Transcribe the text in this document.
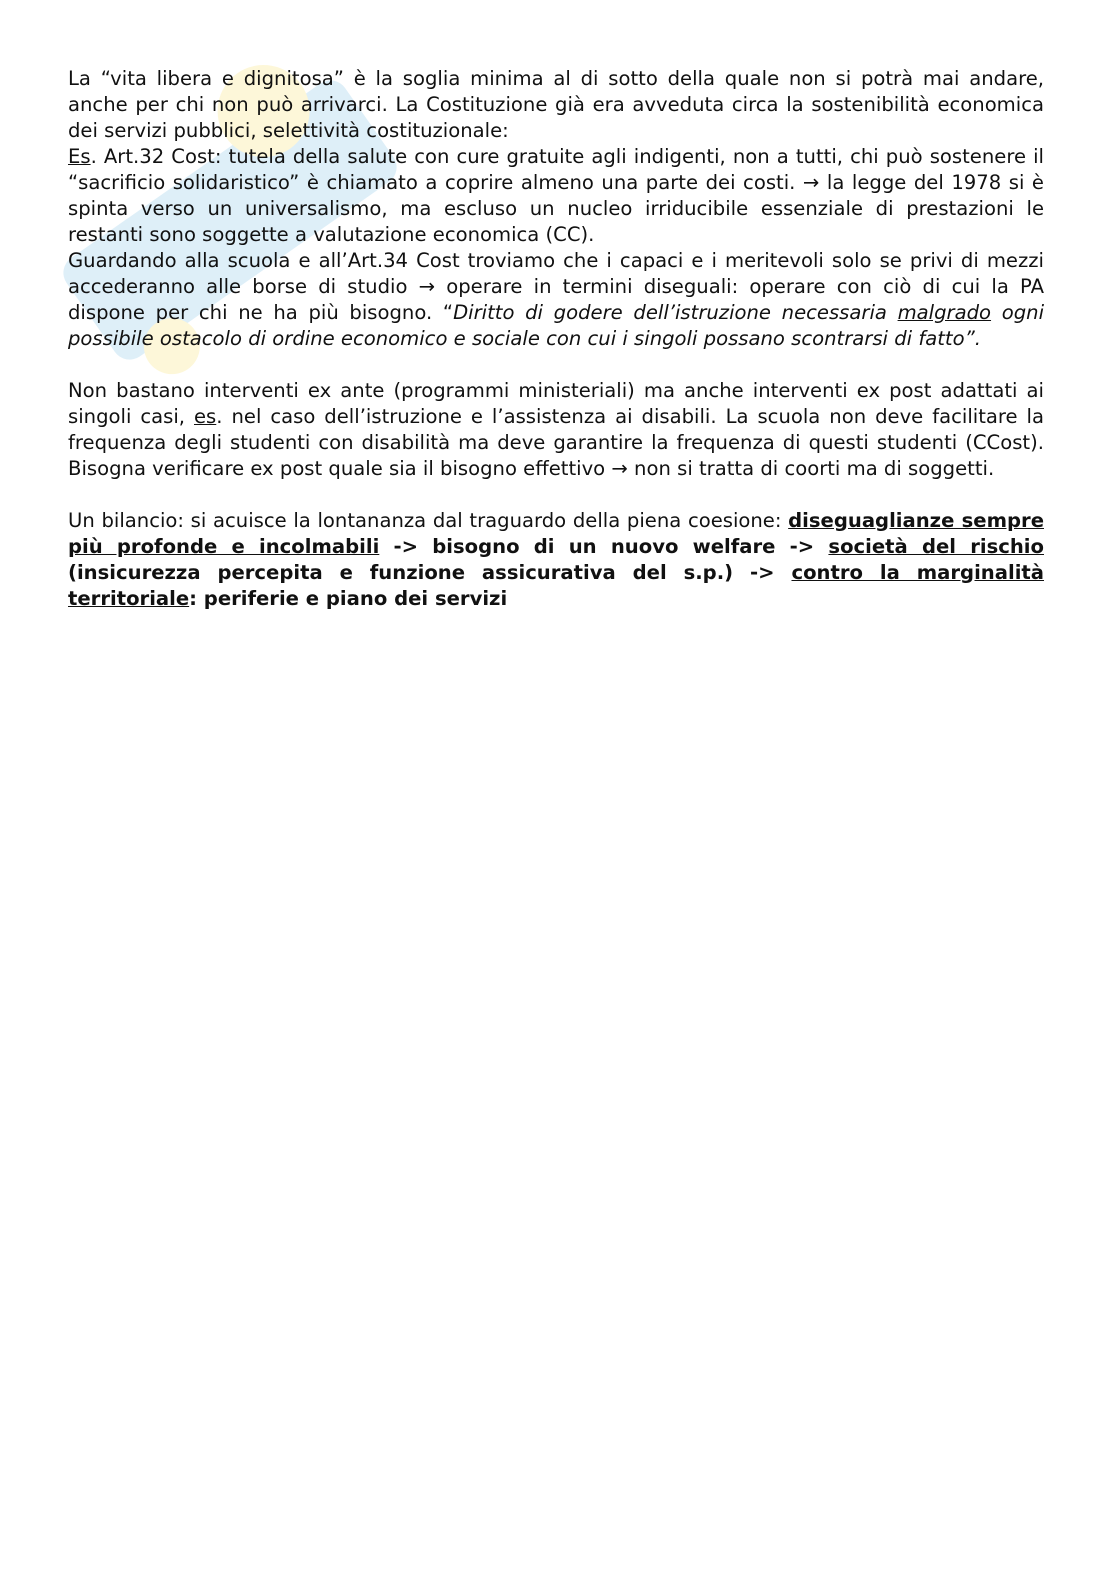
La “vita libera e dignitosa” è la soglia minima al di sotto della quale non si potrà mai andare, anche per chi non può arrivarci. La Costituzione già era avveduta circa la sostenibilità economica dei servizi pubblici, selettività costituzionale:

Es. Art.32 Cost: tutela della salute con cure gratuite agli indigenti, non a tutti, chi può sostenere il “sacrificio solidaristico” è chiamato a coprire almeno una parte dei costi. → la legge del 1978 si è spinta verso un universalismo, ma escluso un nucleo irriducibile essenziale di prestazioni le restanti sono soggette a valutazione economica (CC).

Guardando alla scuola e all’Art.34 Cost troviamo che i capaci e i meritevoli solo se privi di mezzi accederanno alle borse di studio → operare in termini diseguali: operare con ciò di cui la PA dispone per chi ne ha più bisogno. “Diritto di godere dell’istruzione necessaria malgrado ogni possibile ostacolo di ordine economico e sociale con cui i singoli possano scontrarsi di fatto”.

Non bastano interventi ex ante (programmi ministeriali) ma anche interventi ex post adattati ai singoli casi, es. nel caso dell’istruzione e l’assistenza ai disabili. La scuola non deve facilitare la frequenza degli studenti con disabilità ma deve garantire la frequenza di questi studenti (CCost). Bisogna verificare ex post quale sia il bisogno effettivo → non si tratta di coorti ma di soggetti.

Un bilancio: si acuisce la lontananza dal traguardo della piena coesione: diseguaglianze sempre più profonde e incolmabili -> bisogno di un nuovo welfare -> società del rischio (insicurezza percepita e funzione assicurativa del s.p.) -> contro la marginalità territoriale: periferie e piano dei servizi
